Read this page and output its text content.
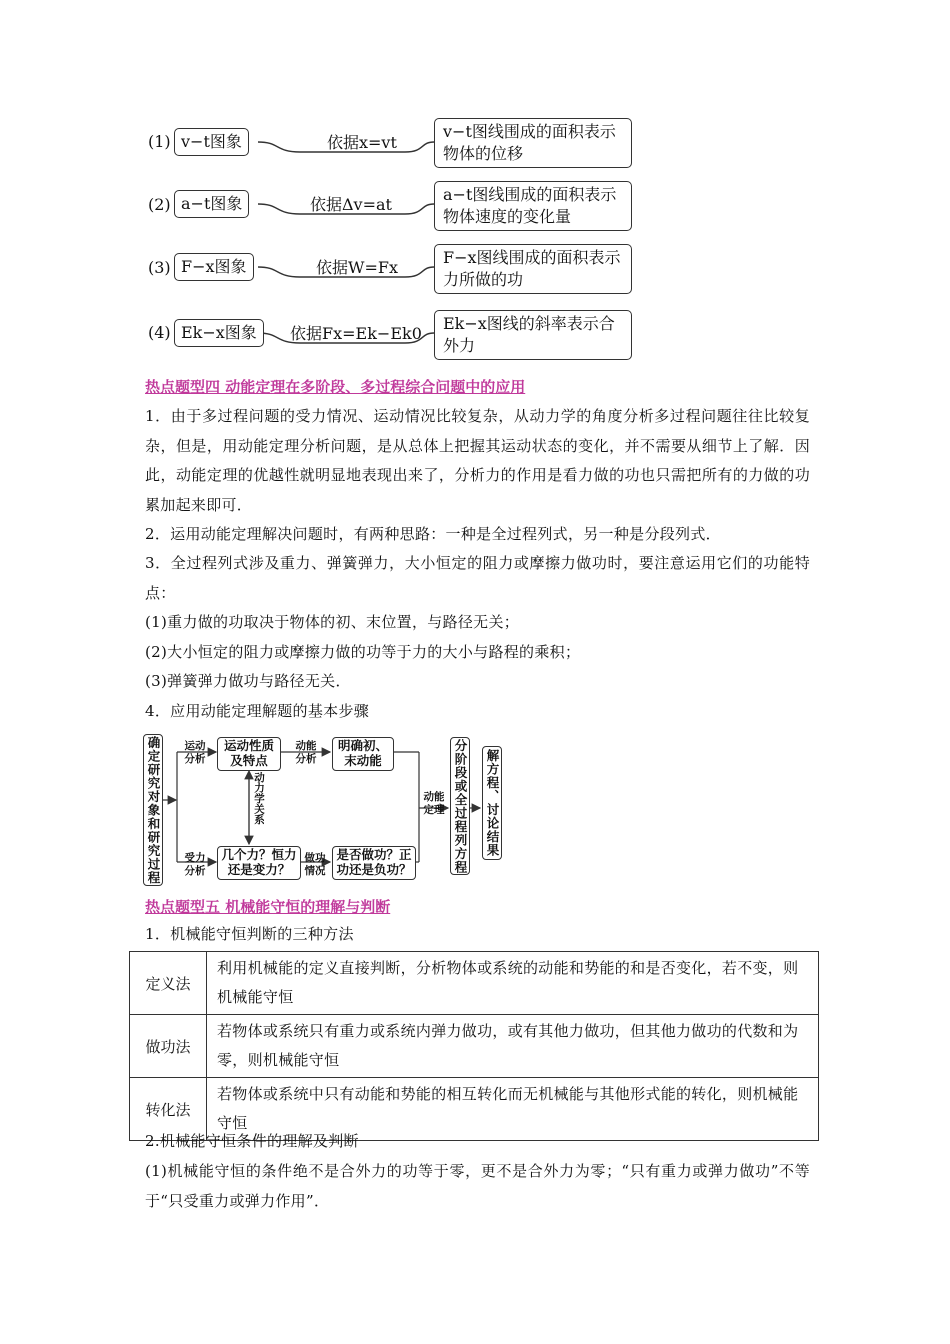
(1) v−t图象	依据x=vt
v−t图线围成的面积表示物体的位移
(2) a−t图象	依据Δv=at
a−t图线围成的面积表示物体速度的变化量
(3) F−x图象	依据W=Fx
F−x图线围成的面积表示力所做的功
(4) Ek−x图象	依据Fx=Ek−Ek0
Ek−x图线的斜率表示合外力
热点题型四 动能定理在多阶段、多过程综合问题中的应用
1．由于多过程问题的受力情况、运动情况比较复杂，从动力学的角度分析多过程问题往往比较复杂，但是，用动能定理分析问题，是从总体上把握其运动状态的变化，并不需要从细节上了解．因此，动能定理的优越性就明显地表现出来了，分析力的作用是看力做的功也只需把所有的力做的功累加起来即可．
2．运用动能定理解决问题时，有两种思路：一种是全过程列式，另一种是分段列式．
3．全过程列式涉及重力、弹簧弹力，大小恒定的阻力或摩擦力做功时，要注意运用它们的功能特点：
(1)重力做的功取决于物体的初、末位置，与路径无关；
(2)大小恒定的阻力或摩擦力做的功等于力的大小与路程的乘积；
(3)弹簧弹力做功与路径无关．
4．应用动能定理解题的基本步骤
确定研究对象和研究过程 运动分析
运动性质及特点
动能分析
明确初、末动能
动力学关系
受力分析
几个力？恒力还是变力？
做功情况
是否做功？正功还是负功？
动能定理 分阶段或全过程列方程 解方程、讨论结果
热点题型五 机械能守恒的理解与判断
1．机械能守恒判断的三种方法
定义法	利用机械能的定义直接判断，分析物体或系统的动能和势能的和是否变化，若不变，则机械能守恒
做功法	若物体或系统只有重力或系统内弹力做功，或有其他力做功，但其他力做功的代数和为零，则机械能守恒
转化法	若物体或系统中只有动能和势能的相互转化而无机械能与其他形式能的转化，则机械能守恒
2.机械能守恒条件的理解及判断
(1)机械能守恒的条件绝不是合外力的功等于零，更不是合外力为零；“只有重力或弹力做功”不等于“只受重力或弹力作用”．
